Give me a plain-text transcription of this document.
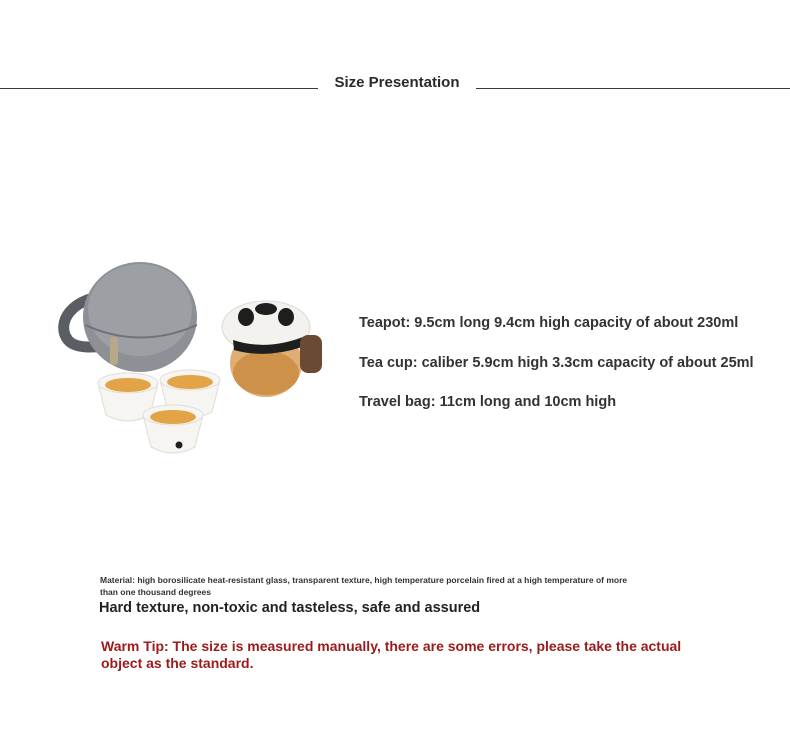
Size Presentation
Teapot: 9.5cm long 9.4cm high capacity of about 230ml
Tea cup: caliber 5.9cm high 3.3cm capacity of about 25ml
Travel bag: 11cm long and 10cm high
Material: high borosilicate heat-resistant glass, transparent texture, high temperature porcelain fired at a high temperature of more than one thousand degrees
Hard texture, non-toxic and tasteless, safe and assured
Warm Tip: The size is measured manually, there are some errors, please take the actual object as the standard.
